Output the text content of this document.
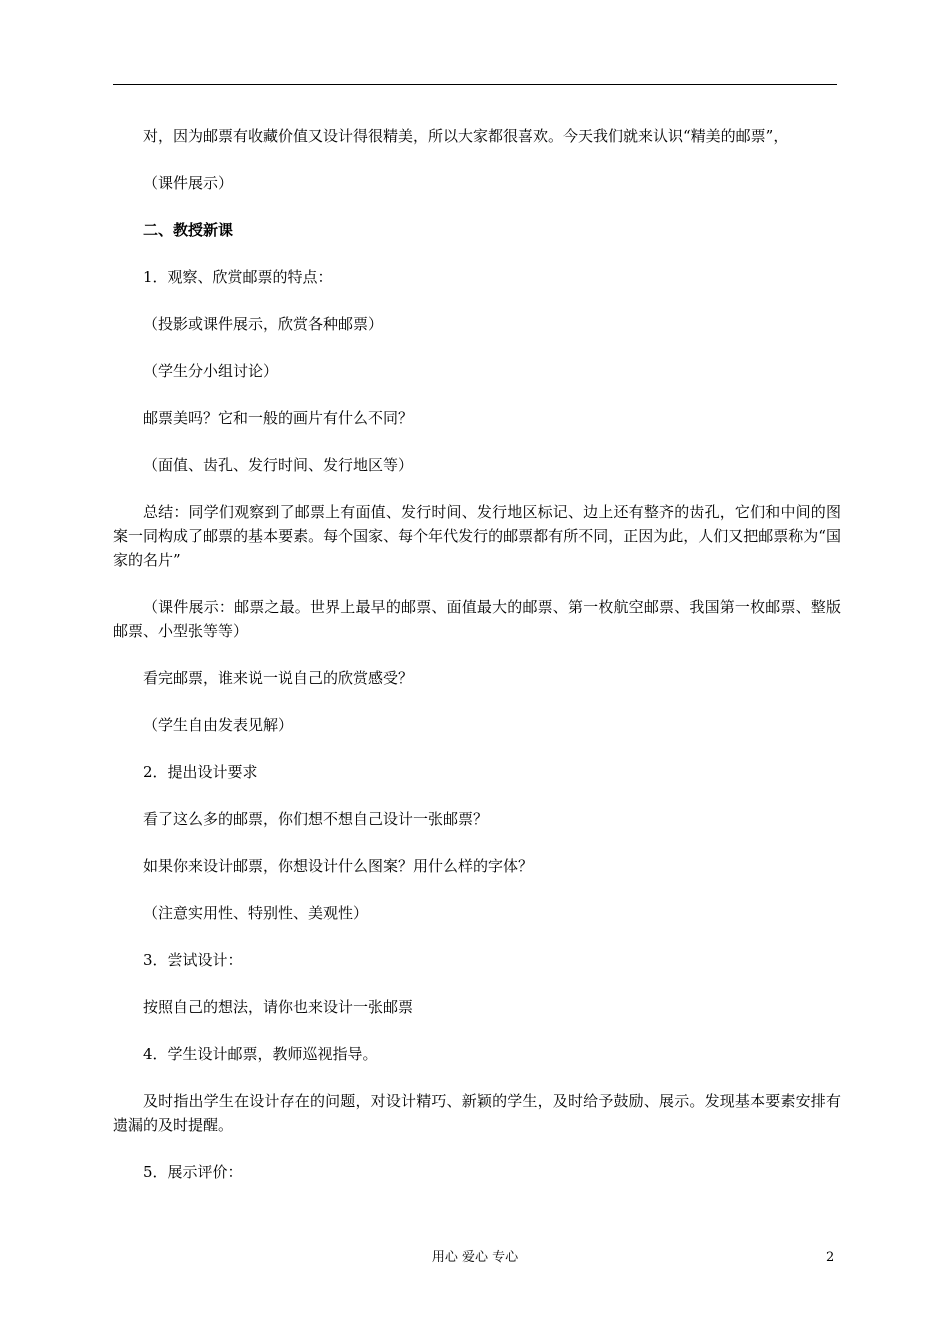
对，因为邮票有收藏价值又设计得很精美，所以大家都很喜欢。今天我们就来认识“精美的邮票”，

（课件展示）

二、教授新课

1．观察、欣赏邮票的特点：

（投影或课件展示，欣赏各种邮票）

（学生分小组讨论）

邮票美吗？它和一般的画片有什么不同？

（面值、齿孔、发行时间、发行地区等）

总结：同学们观察到了邮票上有面值、发行时间、发行地区标记、边上还有整齐的齿孔，它们和中间的图案一同构成了邮票的基本要素。每个国家、每个年代发行的邮票都有所不同，正因为此，人们又把邮票称为“国家的名片”

（课件展示：邮票之最。世界上最早的邮票、面值最大的邮票、第一枚航空邮票、我国第一枚邮票、整版邮票、小型张等等）

看完邮票，谁来说一说自己的欣赏感受？

（学生自由发表见解）

2．提出设计要求

看了这么多的邮票，你们想不想自己设计一张邮票？

如果你来设计邮票，你想设计什么图案？用什么样的字体？

（注意实用性、特别性、美观性）

3．尝试设计：

按照自己的想法，请你也来设计一张邮票

4．学生设计邮票，教师巡视指导。

及时指出学生在设计存在的问题，对设计精巧、新颖的学生，及时给予鼓励、展示。发现基本要素安排有遗漏的及时提醒。

5．展示评价：

用心 爱心 专心	2
